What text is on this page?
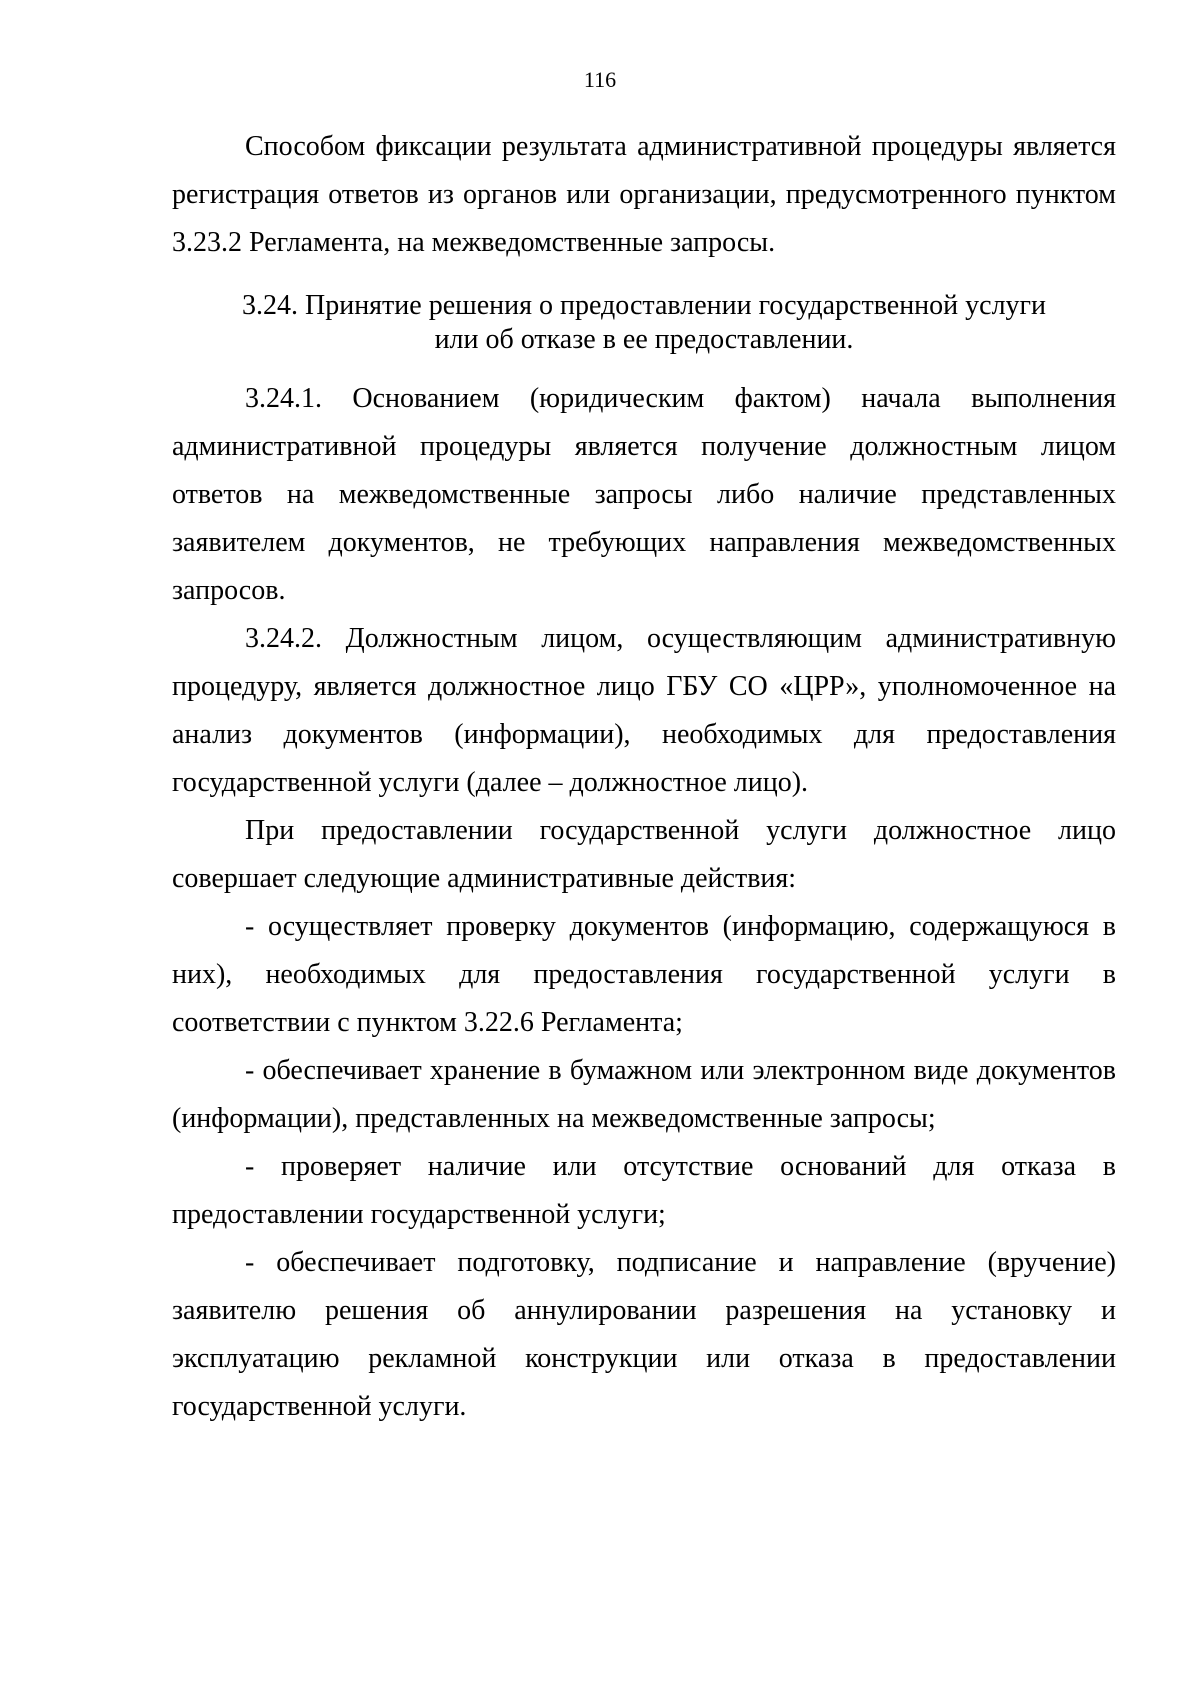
116

Способом фиксации результата административной процедуры является регистрация ответов из органов или организации, предусмотренного пунктом 3.23.2 Регламента, на межведомственные запросы.

3.24. Принятие решения о предоставлении государственной услуги
или об отказе в ее предоставлении.

3.24.1. Основанием (юридическим фактом) начала выполнения административной процедуры является получение должностным лицом ответов на межведомственные запросы либо наличие представленных заявителем документов, не требующих направления межведомственных запросов.

3.24.2. Должностным лицом, осуществляющим административную процедуру, является должностное лицо ГБУ СО «ЦРР», уполномоченное на анализ документов (информации), необходимых для предоставления государственной услуги (далее – должностное лицо).

При предоставлении государственной услуги должностное лицо совершает следующие административные действия:

- осуществляет проверку документов (информацию, содержащуюся в них), необходимых для предоставления государственной услуги в соответствии с пунктом 3.22.6 Регламента;

- обеспечивает хранение в бумажном или электронном виде документов (информации), представленных на межведомственные запросы;

- проверяет наличие или отсутствие оснований для отказа в предоставлении государственной услуги;

- обеспечивает подготовку, подписание и направление (вручение) заявителю решения об аннулировании разрешения на установку и эксплуатацию рекламной конструкции или отказа в предоставлении государственной услуги.
